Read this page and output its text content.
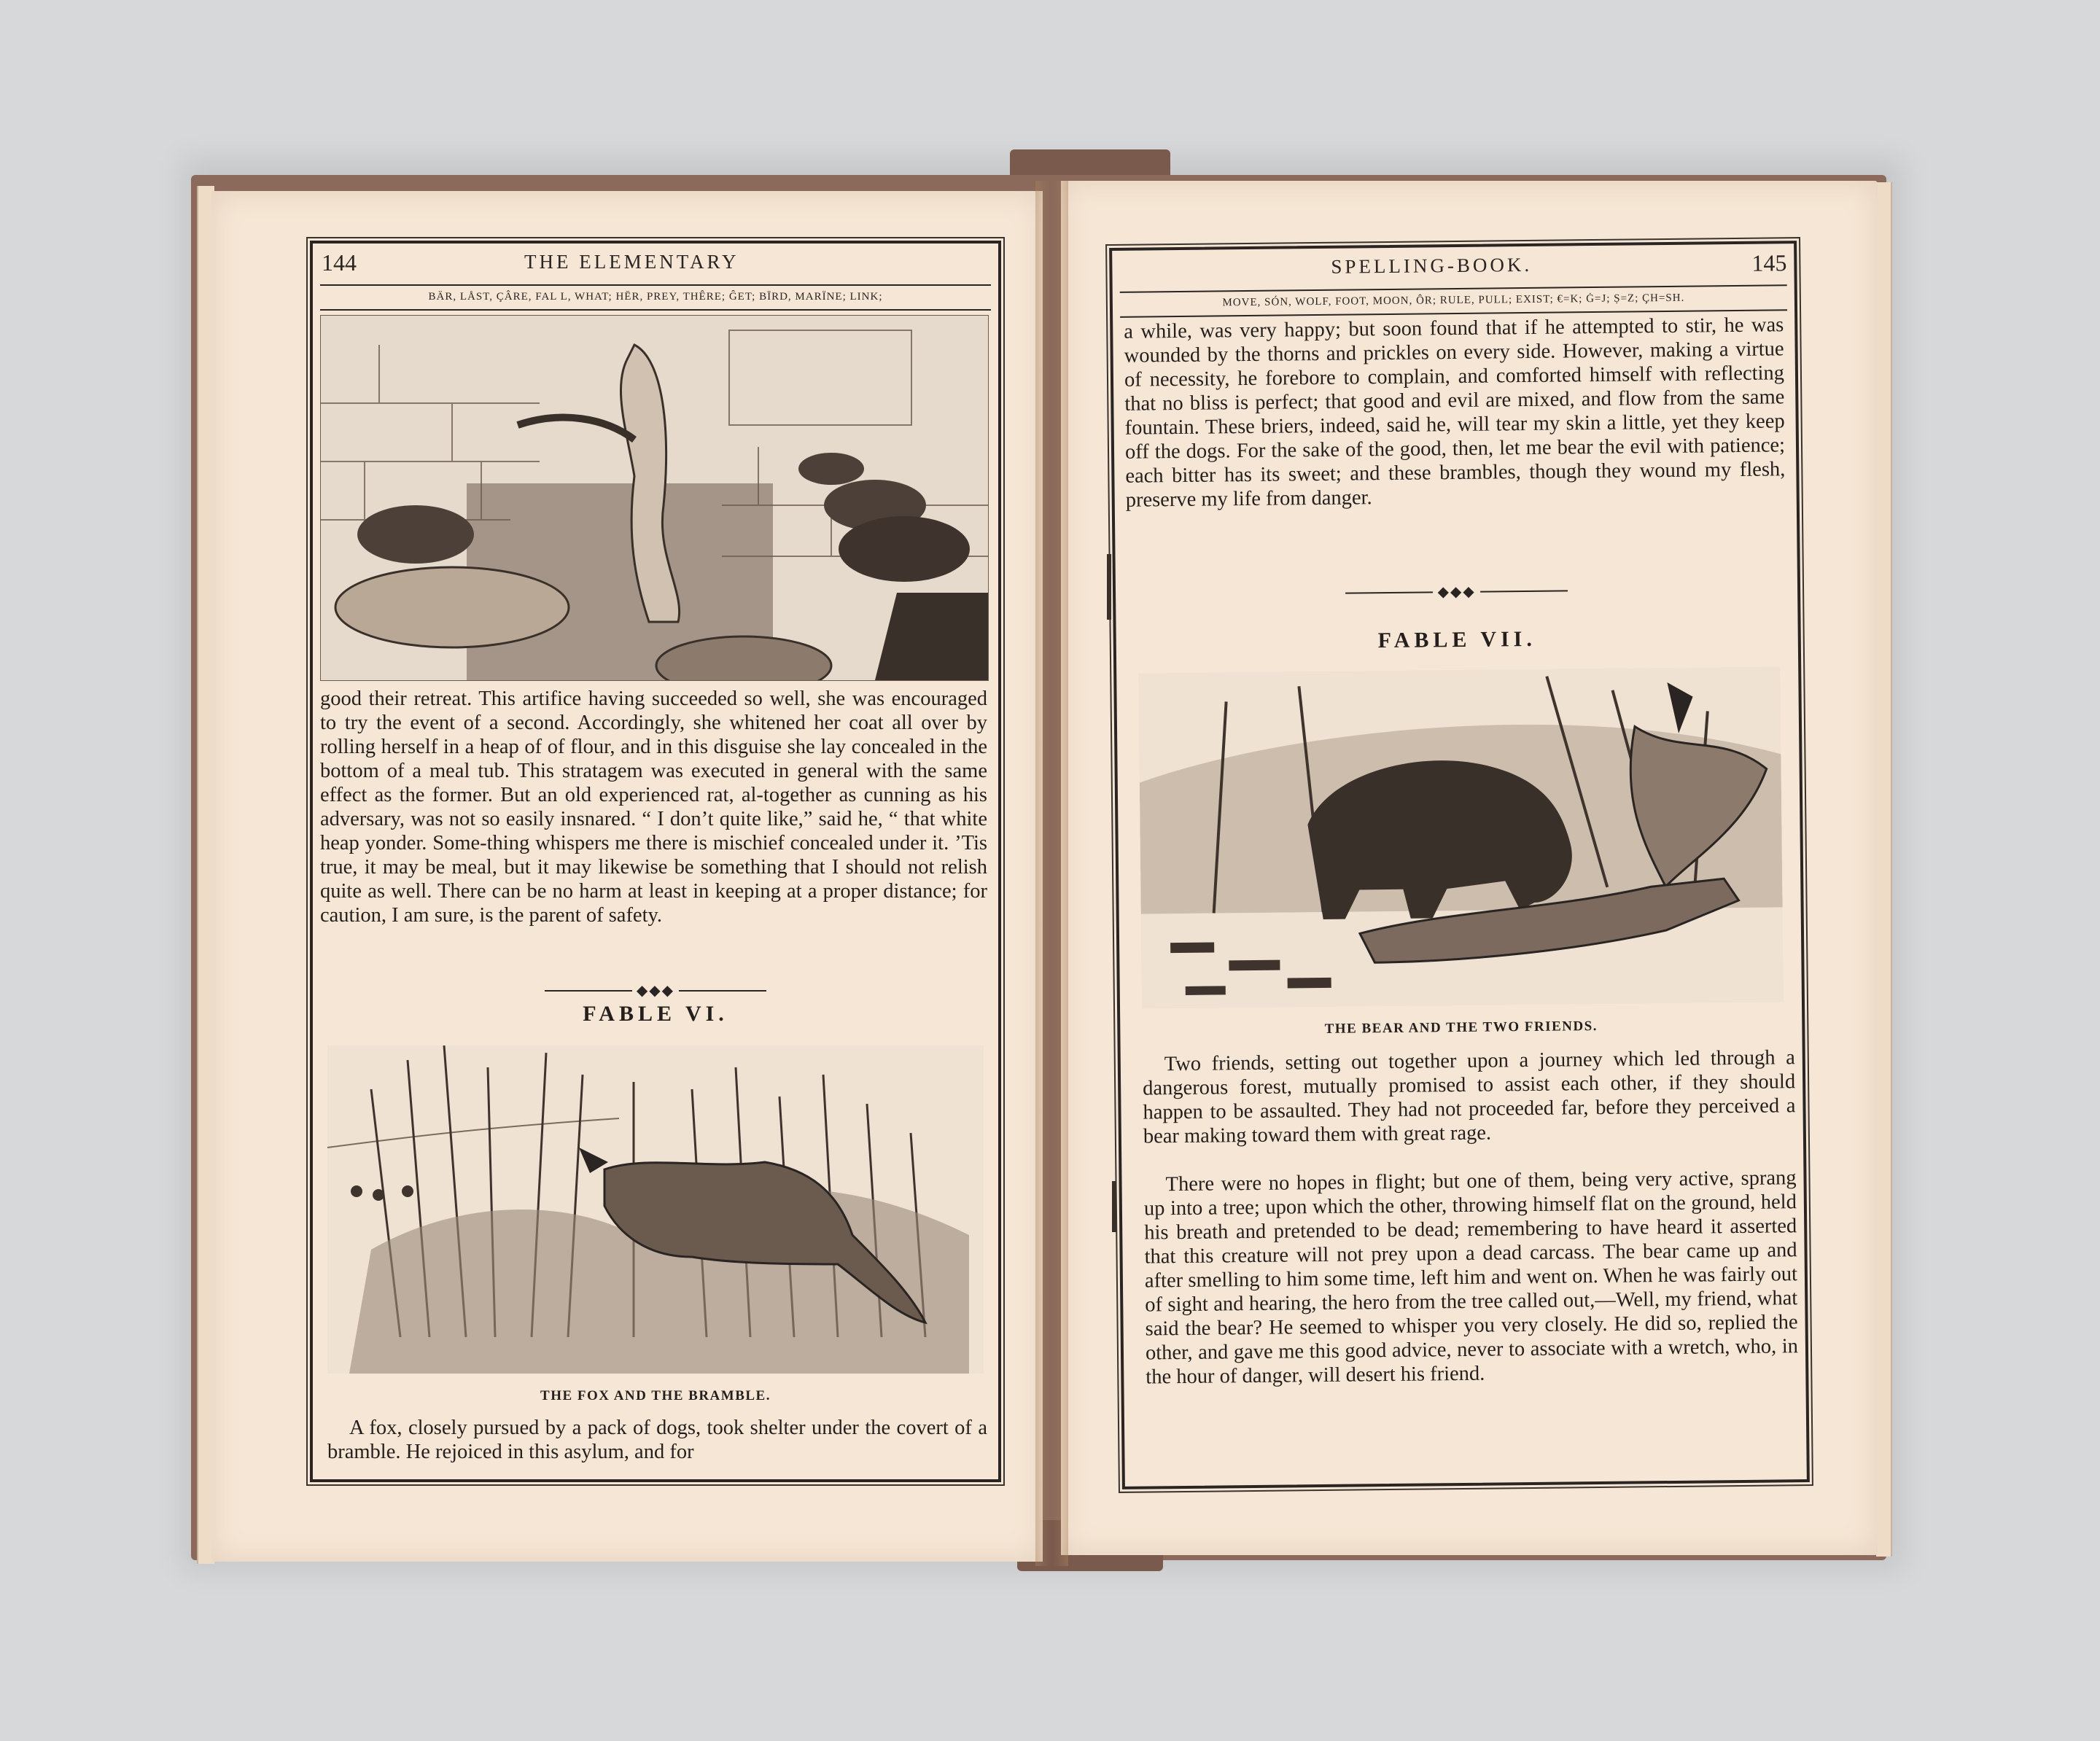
144	THE ELEMENTARY
BÄR, LÅST, ÇÂRE, FAL L, WHAT; HĒR, PREY, THÊRE; ĜET; BĪRD, MARÏNE; LINK;

good their retreat. This artifice having succeeded so well, she was encouraged to try the event of a second. Accordingly, she whitened her coat all over by rolling herself in a heap of of flour, and in this disguise she lay concealed in the bottom of a meal tub. This stratagem was executed in general with the same effect as the former. But an old experienced rat, al-together as cunning as his adversary, was not so easily insnared. “ I don’t quite like,” said he, “ that white heap yonder. Some-thing whispers me there is mischief concealed under it. ’Tis true, it may be meal, but it may likewise be something that I should not relish quite as well. There can be no harm at least in keeping at a proper distance; for caution, I am sure, is the parent of safety.

◆◆◆
FABLE VI.
THE FOX AND THE BRAMBLE.

A fox, closely pursued by a pack of dogs, took shelter under the covert of a bramble. He rejoiced in this asylum, and for

SPELLING-BOOK.	145
MOVE, SÓN, WOLF, FOOT, MOON, ÔR; RULE, PULL; EXIST; €=K; Ġ=J; Ṣ=Z; ÇH=SH.

a while, was very happy; but soon found that if he attempted to stir, he was wounded by the thorns and prickles on every side. However, making a virtue of necessity, he forebore to complain, and comforted himself with reflecting that no bliss is perfect; that good and evil are mixed, and flow from the same fountain. These briers, indeed, said he, will tear my skin a little, yet they keep off the dogs. For the sake of the good, then, let me bear the evil with patience; each bitter has its sweet; and these brambles, though they wound my flesh, preserve my life from danger.

◆◆◆
FABLE VII.
THE BEAR AND THE TWO FRIENDS.

Two friends, setting out together upon a journey which led through a dangerous forest, mutually promised to assist each other, if they should happen to be assaulted. They had not proceeded far, before they perceived a bear making toward them with great rage.

There were no hopes in flight; but one of them, being very active, sprang up into a tree; upon which the other, throwing himself flat on the ground, held his breath and pretended to be dead; remembering to have heard it asserted that this creature will not prey upon a dead carcass. The bear came up and after smelling to him some time, left him and went on. When he was fairly out of sight and hearing, the hero from the tree called out,—Well, my friend, what said the bear? He seemed to whisper you very closely. He did so, replied the other, and gave me this good advice, never to associate with a wretch, who, in the hour of danger, will desert his friend.
